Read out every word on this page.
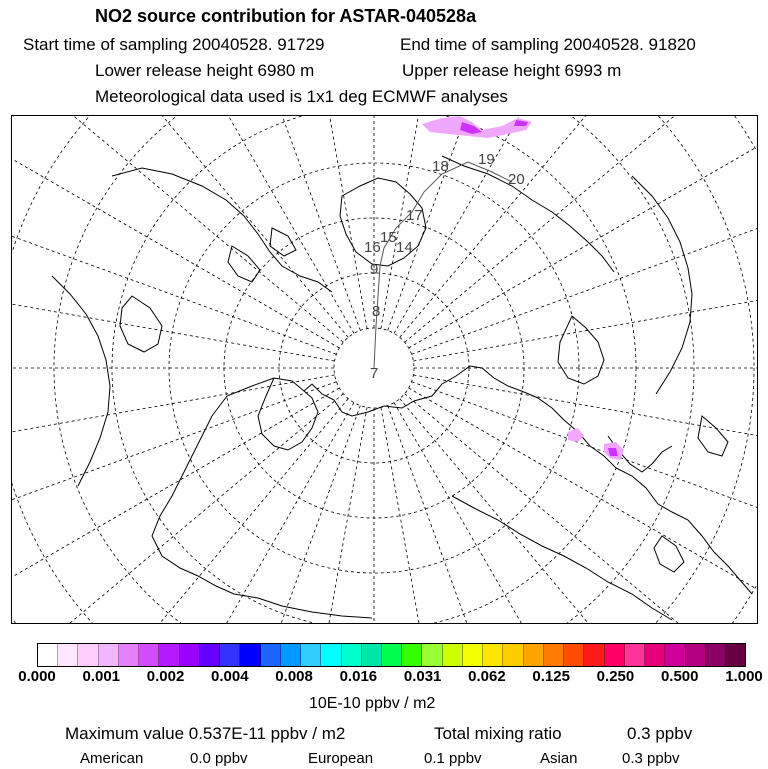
NO2 source contribution for ASTAR-040528a
Start time of sampling 20040528. 91729	End time of sampling 20040528. 91820
Lower release height 6980 m	Upper release height 6993 m
Meteorological data used is 1x1 deg ECMWF analyses
18 19
20
17
15
16 14
9
8
7
0.000 0.001 0.002 0.004 0.008 0.016 0.031 0.062 0.125 0.250 0.500 1.000
10E-10 ppbv / m2
Maximum value 0.537E-11 ppbv / m2	Total mixing ratio	0.3 ppbv
American	0.0 ppbv	European	0.1 ppbv	Asian	0.3 ppbv
